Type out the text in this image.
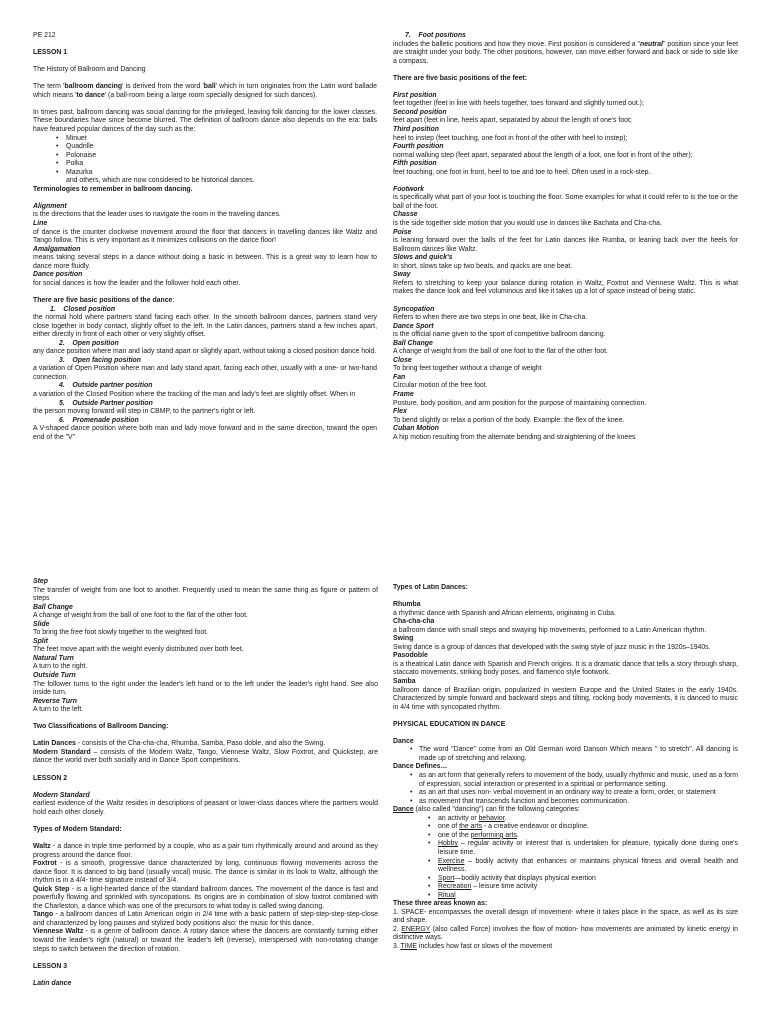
PE 212

LESSON 1

The History of Ballroom and Dancing

The term 'ballroom dancing' is derived from the word 'ball' which in turn originates from the Latin word ballade which means 'to dance' (a ball-room being a large room specially designed for such dances).

In times past, ballroom dancing was social dancing for the privileged, leaving folk dancing for the lower classes. These boundaries have since become blurred. The definition of ballroom dance also depends on the era: balls have featured popular dances of the day such as the:

• Minuet
• Quadrille
• Polonaise
• Polka
• Mazurka

and others, which are now considered to be historical dances.

Terminologies to remember in ballroom dancing.

Alignment

is the directions that the leader uses to navigate the room in the traveling dances.

Line

of dance is the counter clockwise movement around the floor that dancers in travelling dances like Waltz and Tango follow. This is very important as it minimizes collisions on the dance floor!

Amalgamation

means taking several steps in a dance without doing a basic in between. This is a great way to learn how to dance more fluidly.

Dance position

for social dances is how the leader and the follower hold each other.

There are five basic positions of the dance:

1. Closed position

the normal hold where partners stand facing each other. In the smooth ballroom dances, partners stand very close together in body contact, slightly offset to the left. In the Latin dances, partners stand a few inches apart, either directly in front of each other or very slightly offset.

2. Open position

any dance position where man and lady stand apart or slightly apart, without taking a closed position dance hold.

3. Open facing position

a variation of Open Position where man and lady stand apart, facing each other, usually with a one- or two-hand connection.

4. Outside partner position

a variation of the Closed Position where the tracking of the man and lady's feet are slightly offset. When in

5. Outside Partner position

the person moving forward will step in CBMP, to the partner's right or left.

6. Promenade position

A V-shaped dance position where both man and lady move forward and in the same direction, toward the open end of the "V"

7. Foot positions

includes the balletic positions and how they move. First position is considered a "neutral" position since your feet are straight under your body. The other positions, however, can move either forward and back or side to side like a compass.

There are five basic positions of the feet:

First position

feet together (feet in line with heels together, toes forward and slightly turned out.);

Second position

feet apart (feet in line, heels apart, separated by about the length of one's foot;

Third position

heel to instep (feet touching, one foot in front of the other with heel to instep);

Fourth position

normal walking step (feet apart, separated about the length of a foot, one foot in front of the other);

Fifth position

feet touching, one foot in front, heel to toe and toe to heel. Often used in a rock-step.

Footwork

is specifically what part of your foot is touching the floor. Some examples for what it could refer to is the toe or the ball of the foot.

Chasse

is the side together side motion that you would use in dances like Bachata and Cha-cha.

Poise

is leaning forward over the balls of the feet for Latin dances like Rumba, or leaning back over the heels for Ballroom dances like Waltz.

Slows and quick's

In short, slows take up two beats, and quicks are one beat.

Sway

Refers to stretching to keep your balance during rotation in Waltz, Foxtrot and Viennese Waltz. This is what makes the dance look and feel voluminous and like it takes up a lot of space instead of being static.

Syncopation

Refers to when there are two steps in one beat, like in Cha-cha.

Dance Sport

is the official name given to the sport of competitive ballroom dancing.

Ball Change

A change of weight from the ball of one foot to the flat of the other foot.

Close

To bring feet together without a change of weight

Fan

Circular motion of the free foot.

Frame

Posture, body position, and arm position for the purpose of maintaining connection.

Flex

To bend slightly or relax a portion of the body. Example: the flex of the knee.

Cuban Motion

A hip motion resulting from the alternate bending and straightening of the knees

Step

The transfer of weight from one foot to another. Frequently used to mean the same thing as figure or pattern of steps

Ball Change

A change of weight from the ball of one foot to the flat of the other foot.

Slide

To bring the free foot slowly together to the weighted foot.

Split

The feet move apart with the weight evenly distributed over both feet.

Natural Turn

A turn to the right.

Outside Turn

The follower turns to the right under the leader's left hand or to the left under the leader's right hand. See also inside turn.

Reverse Turn

A turn to the left.

Two Classifications of Ballroom Dancing:

Latin Dances - consists of the Cha-cha-cha, Rhumba, Samba, Paso doble, and also the Swing.

Modern Standard – consists of the Modern Waltz, Tango, Viennese Waltz, Slow Foxtrot, and Quickstep, are dance the world over both socially and in Dance Sport competitions.

LESSON 2

Modern Standard

earliest evidence of the Waltz resides in descriptions of peasant or lower-class dances where the partners would hold each other closely.

Types of Modern Standard:

Waltz - a dance in triple time performed by a couple, who as a pair turn rhythmically around and around as they progress around the dance floor.

Foxtrot - is a smooth, progressive dance characterized by long, continuous flowing movements across the dance floor. It is danced to big band (usually vocal) music. The dance is similar in its look to Waltz, although the rhythm is in a 4/4- time signature instead of 3/4.

Quick Step - is a light-hearted dance of the standard ballroom dances. The movement of the dance is fast and powerfully flowing and sprinkled with syncopations. Its origins are in combination of slow foxtrot combined with the Charleston, a dance which was one of the precursors to what today is called swing dancing.

Tango - a ballroom dances of Latin American origin in 2/4 time with a basic pattern of step-step-step-step-close and characterized by long pauses and stylized body positions also: the music for this dance.

Viennese Waltz - is a genre of ballroom dance. A rotary dance where the dancers are constantly turning either toward the leader's right (natural) or toward the leader's left (reverse), interspersed with non-rotating change steps to switch between the direction of rotation.

LESSON 3

Latin dance

Types of Latin Dances:

Rhumba

a rhythmic dance with Spanish and African elements, originating in Cuba.

Cha-cha-cha

a ballroom dance with small steps and swaying hip movements, performed to a Latin American rhythm.

Swing

Swing dance is a group of dances that developed with the swing style of jazz music in the 1920s–1940s.

Pasodoble

is a theatrical Latin dance with Spanish and French origins. It is a dramatic dance that tells a story through sharp, staccato movements, striking body poses, and flamenco style footwork.

Samba

ballroom dance of Brazilian origin, popularized in western Europe and the United States in the early 1940s. Characterized by simple forward and backward steps and tilting, rocking body movements, it is danced to music in 4/4 time with syncopated rhythm.

PHYSICAL EDUCATION IN DANCE

Dance

• The word "Dance" come from an Old German word Danson Which means " to stretch". All dancing is made up of stretching and relaxing.

Dance Defines…

• as an art form that generally refers to movement of the body, usually rhythmic and music, used as a form of expression, social interaction or presented in a spiritual or performance setting.
• as an art that uses non- verbal movement in an ordinary way to create a form, order, or statement
• as movement that transcends function and becomes communication.

Dance (also called "dancing") can fit the following categories:

• an activity or behavior.
• one of the arts - a creative endeavor or discipline.
• one of the performing arts.
• Hobby – regular activity or interest that is undertaken for pleasure, typically done during one's leisure time.
• Exercise – bodily activity that enhances or maintains physical fitness and overall health and wellness.
• Sport—bodily activity that displays physical exertion
• Recreation – leisure time activity
• Ritual

These three areas known as:

1. SPACE- encompasses the overall design of movement- where it takes place in the space, as well as its size and shape.

2. ENERGY (also called Force) involves the flow of motion- how movements are animated by kinetic energy in distinctive ways.

3. TIME includes how fast or slows of the movement
